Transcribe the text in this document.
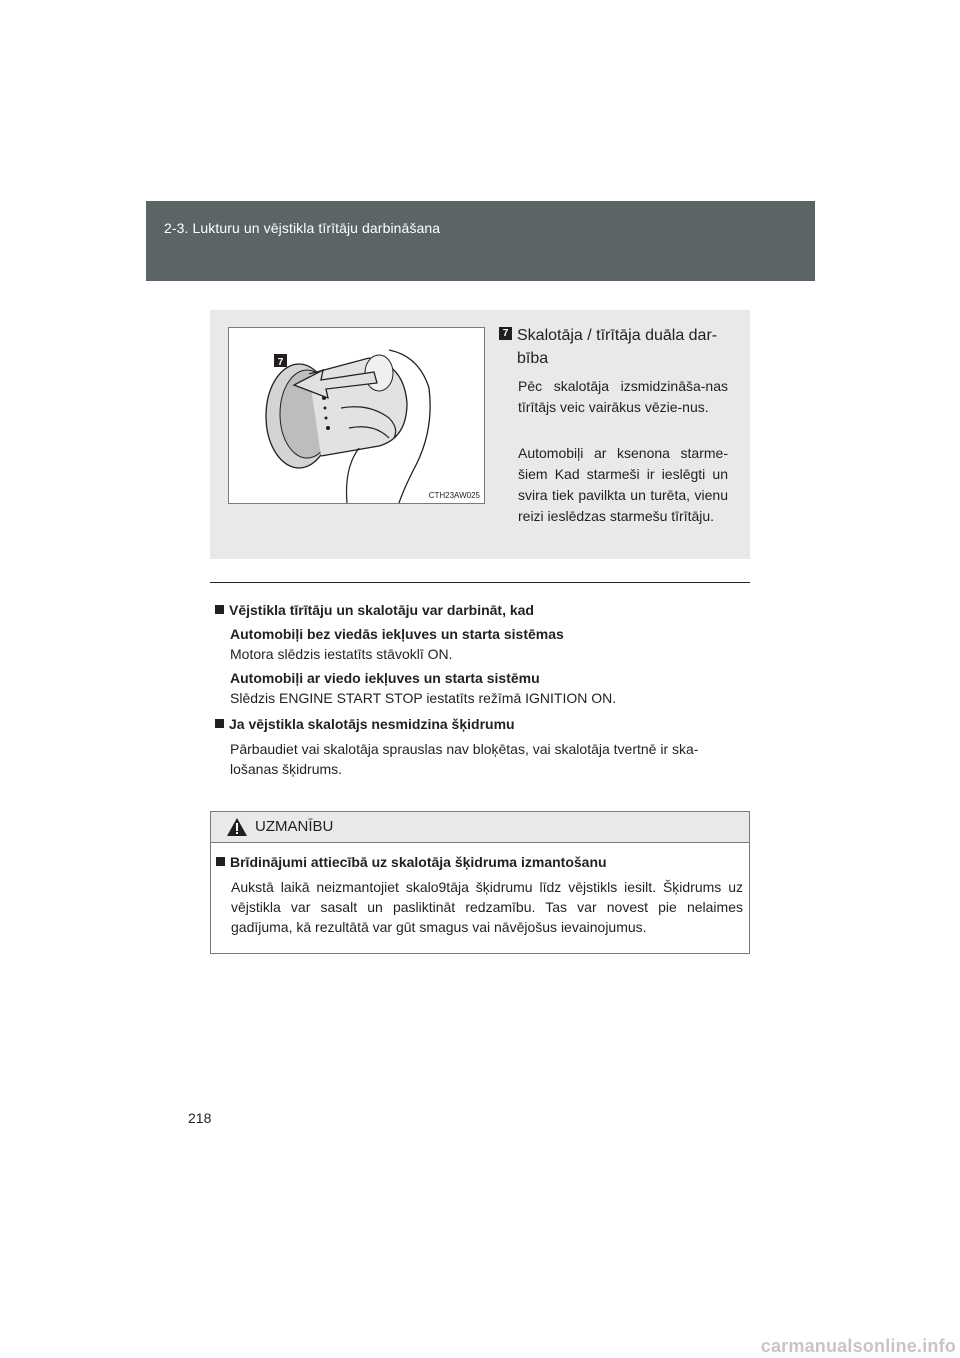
2-3. Lukturu un vējstikla tīrītāju darbināšana
7
CTH23AW025
7 Skalotāja / tīrītāja duāla dar-bība

Pēc skalotāja izsmidzināša-nas tīrītājs veic vairākus vēzie-nus.

Automobiļi ar ksenona starme-šiem Kad starmeši ir ieslēgti un svira tiek pavilkta un turēta, vienu reizi ieslēdzas starmešu tīrītāju.

Vējstikla tīrītāju un skalotāju var darbināt, kad

Automobiļi bez viedās iekļuves un starta sistēmas

Motora slēdzis iestatīts stāvoklī ON.

Automobiļi ar viedo iekļuves un starta sistēmu

Slēdzis ENGINE START STOP iestatīts režīmā IGNITION ON.

Ja vējstikla skalotājs nesmidzina šķidrumu

Pārbaudiet vai skalotāja sprauslas nav bloķētas, vai skalotāja tvertnē ir ska-lošanas šķidrums.

UZMANĪBU

Brīdinājumi attiecībā uz skalotāja šķidruma izmantošanu

Aukstā laikā neizmantojiet skalo9tāja šķidrumu līdz vējstikls iesilt. Šķidrums uz vējstikla var sasalt un pasliktināt redzamību. Tas var novest pie nelaimes gadījuma, kā rezultātā var gūt smagus vai nāvējošus ievainojumus.

218
carmanualsonline.info
